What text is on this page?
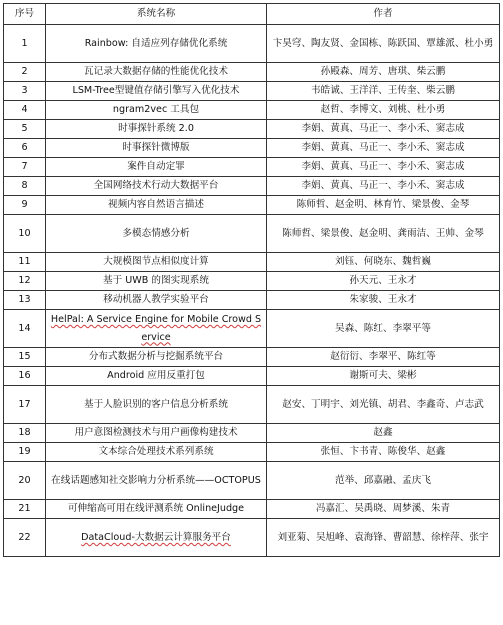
序号	系统名称	作者
1	Rainbow: 自适应列存储优化系统	卞昊穹、陶友贤、金国栋、陈跃国、覃雄派、杜小勇
2	瓦记录大数据存储的性能优化技术	孙殿森、周芳、唐琪、柴云鹏
3	LSM-Tree型键值存储引擎写入优化技术	韦皓诚、王洋洋、王传奎、柴云鹏
4	ngram2vec 工具包	赵哲、李博文、刘桃、杜小勇
5	时事探针系统 2.0	李娟、黄真、马正一、李小禾、窦志成
6	时事探针微博版	李娟、黄真、马正一、李小禾、窦志成
7	案件自动定罪	李娟、黄真、马正一、李小禾、窦志成
8	全国网络技术行动大数据平台	李娟、黄真、马正一、李小禾、窦志成
9	视频内容自然语言描述	陈师哲、赵金明、林育竹、梁景俊、金琴
10	多模态情感分析	陈师哲、梁景俊、赵金明、龚雨洁、王帅、金琴
11	大规模图节点相似度计算	刘钰、何晓东、魏哲巍
12	基于 UWB 的图实现系统	孙天元、王永才
13	移动机器人教学实验平台	朱家骏、王永才
14	HelPal: A Service Engine for Mobile Crowd Service	吴森、陈红、李翠平等
15	分布式数据分析与挖掘系统平台	赵衍衍、李翠平、陈红等
16	Android 应用反重打包	谢斯可夫、梁彬
17	基于人脸识别的客户信息分析系统	赵安、丁明宇、刘光镇、胡君、李鑫奇、卢志武
18	用户意图检测技术与用户画像构建技术	赵鑫
19	文本综合处理技术系列系统	张恒、卞书青、陈俊华、赵鑫
20	在线话题感知社交影响力分析系统——OCTOPUS	范举、邱嘉融、孟庆飞
21	可伸缩高可用在线评测系统 OnlineJudge	冯嘉汇、吴禹晓、周梦溪、朱青
22	DataCloud-大数据云计算服务平台	刘亚菊、吴旭峰、袁海锋、曹韶慧、徐梓萍、张宇
